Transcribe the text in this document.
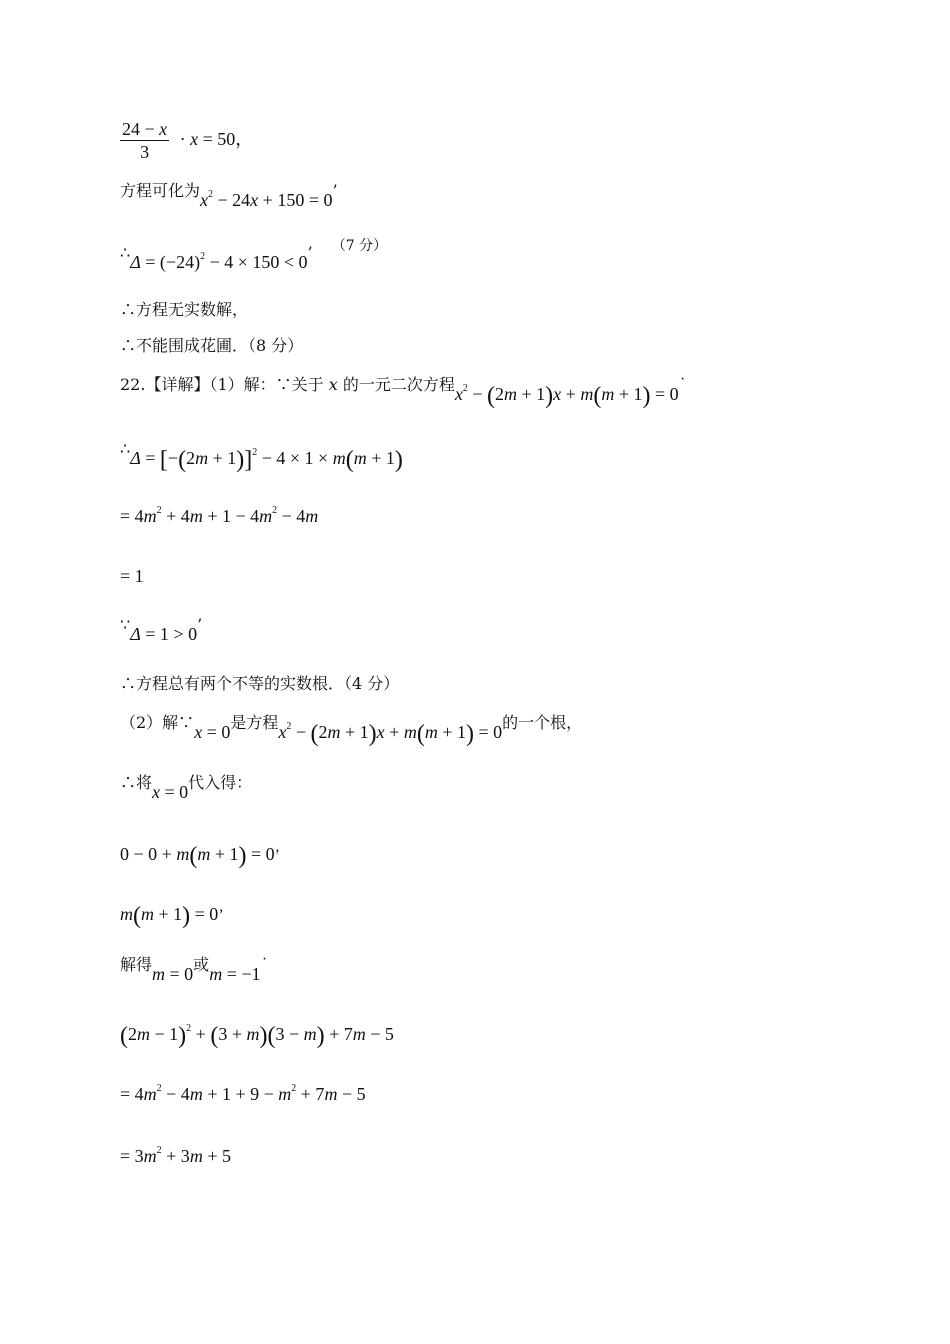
$\frac{24 - x}{3} \cdot x = 50$，
方程可化为$x^2 - 24x + 150 = 0$’
∴Δ = $(-24)^2 - 4 \times 150 < 0$’ （7 分）
∴方程无实数解，
∴不能围成花圃．（8 分）
22.【详解】（1）解：∵关于 x 的一元二次方程$x^2 - (2m + 1)x + m(m + 1)$ = 0˙
∴Δ = $[-(2m + 1)]^2 - 4 \times 1 \times m(m + 1)$
= $4m^2 + 4m + 1 - 4m^2 - 4m$
= 1
∵Δ = 1 > 0’
∴方程总有两个不等的实数根．（4 分）
（2）解∵x = 0是方程$x^2 - (2m + 1)x + m(m + 1) = 0$的一个根，
∴将x = 0代入得：
0 − 0 + m(m + 1) = 0’
m(m + 1) = 0’
解得m = 0或m = −1˙
$(2m - 1)^2 + (3 + m)(3 - m) + 7m - 5$
= $4m^2 - 4m + 1 + 9 - m^2 + 7m - 5$
= $3m^2 + 3m + 5$
